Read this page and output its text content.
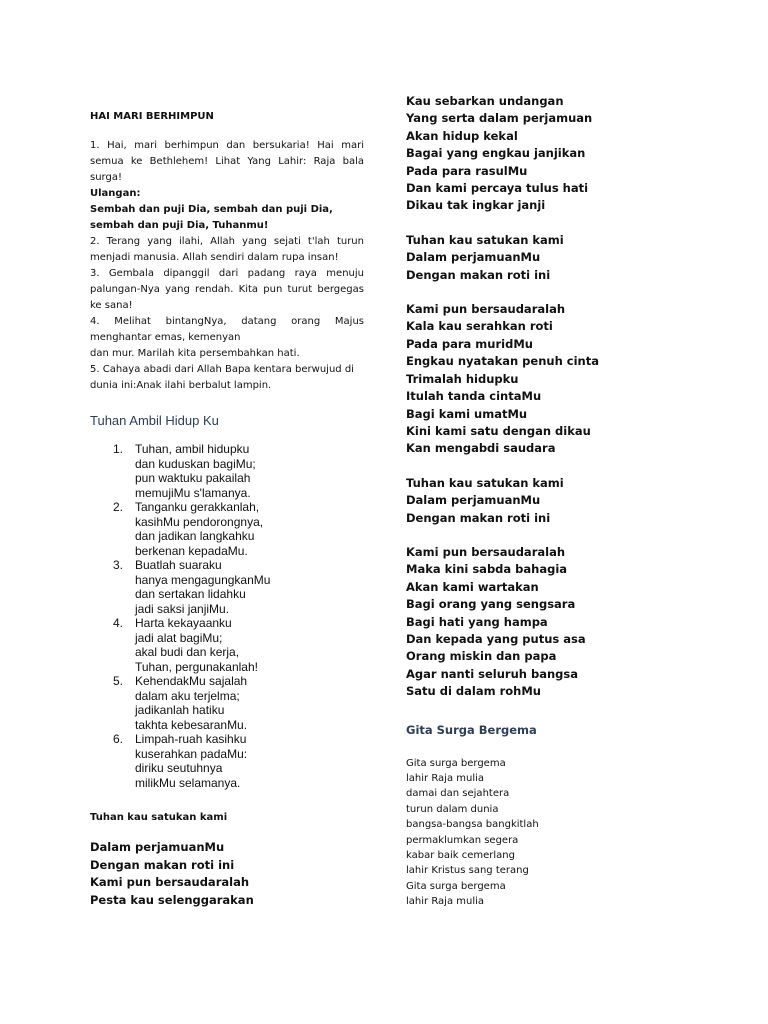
HAI MARI BERHIMPUN

1. Hai, mari berhimpun dan bersukaria! Hai mari semua ke Bethlehem! Lihat Yang Lahir: Raja bala surga!

Ulangan:

Sembah dan puji Dia, sembah dan puji Dia,

sembah dan puji Dia, Tuhanmu!

2. Terang yang ilahi, Allah yang sejati t'lah turun menjadi manusia. Allah sendiri dalam rupa insan!

3. Gembala dipanggil dari padang raya menuju palungan-Nya yang rendah. Kita pun turut bergegas ke sana!

4. Melihat bintangNya, datang orang Majus menghantar emas, kemenyan

dan mur. Marilah kita persembahkan hati.

5. Cahaya abadi dari Allah Bapa kentara berwujud di dunia ini:Anak ilahi berbalut lampin.

Tuhan Ambil Hidup Ku
1. Tuhan, ambil hidupku
dan kuduskan bagiMu;
pun waktuku pakailah
memujiMu s'lamanya.
2. Tanganku gerakkanlah,
kasihMu pendorongnya,
dan jadikan langkahku
berkenan kepadaMu.
3. Buatlah suaraku
hanya mengagungkanMu
dan sertakan lidahku
jadi saksi janjiMu.
4. Harta kekayaanku
jadi alat bagiMu;
akal budi dan kerja,
Tuhan, pergunakanlah!
5. KehendakMu sajalah
dalam aku terjelma;
jadikanlah hatiku
takhta kebesaranMu.
6. Limpah-ruah kasihku
kuserahkan padaMu:
diriku seutuhnya
milikMu selamanya.
Tuhan kau satukan kami
Dalam perjamuanMu
Dengan makan roti ini
Kami pun bersaudaralah
Pesta kau selenggarakan
Kau sebarkan undangan
Yang serta dalam perjamuan
Akan hidup kekal
Bagai yang engkau janjikan
Pada para rasulMu
Dan kami percaya tulus hati
Dikau tak ingkar janji
Tuhan kau satukan kami
Dalam perjamuanMu
Dengan makan roti ini
Kami pun bersaudaralah
Kala kau serahkan roti
Pada para muridMu
Engkau nyatakan penuh cinta
Trimalah hidupku
Itulah tanda cintaMu
Bagi kami umatMu
Kini kami satu dengan dikau
Kan mengabdi saudara
Tuhan kau satukan kami
Dalam perjamuanMu
Dengan makan roti ini
Kami pun bersaudaralah
Maka kini sabda bahagia
Akan kami wartakan
Bagi orang yang sengsara
Bagi hati yang hampa
Dan kepada yang putus asa
Orang miskin dan papa
Agar nanti seluruh bangsa
Satu di dalam rohMu
Gita Surga Bergema
Gita surga bergema
lahir Raja mulia
damai dan sejahtera
turun dalam dunia
bangsa-bangsa bangkitlah
permaklumkan segera
kabar baik cemerlang
lahir Kristus sang terang
Gita surga bergema
lahir Raja mulia
